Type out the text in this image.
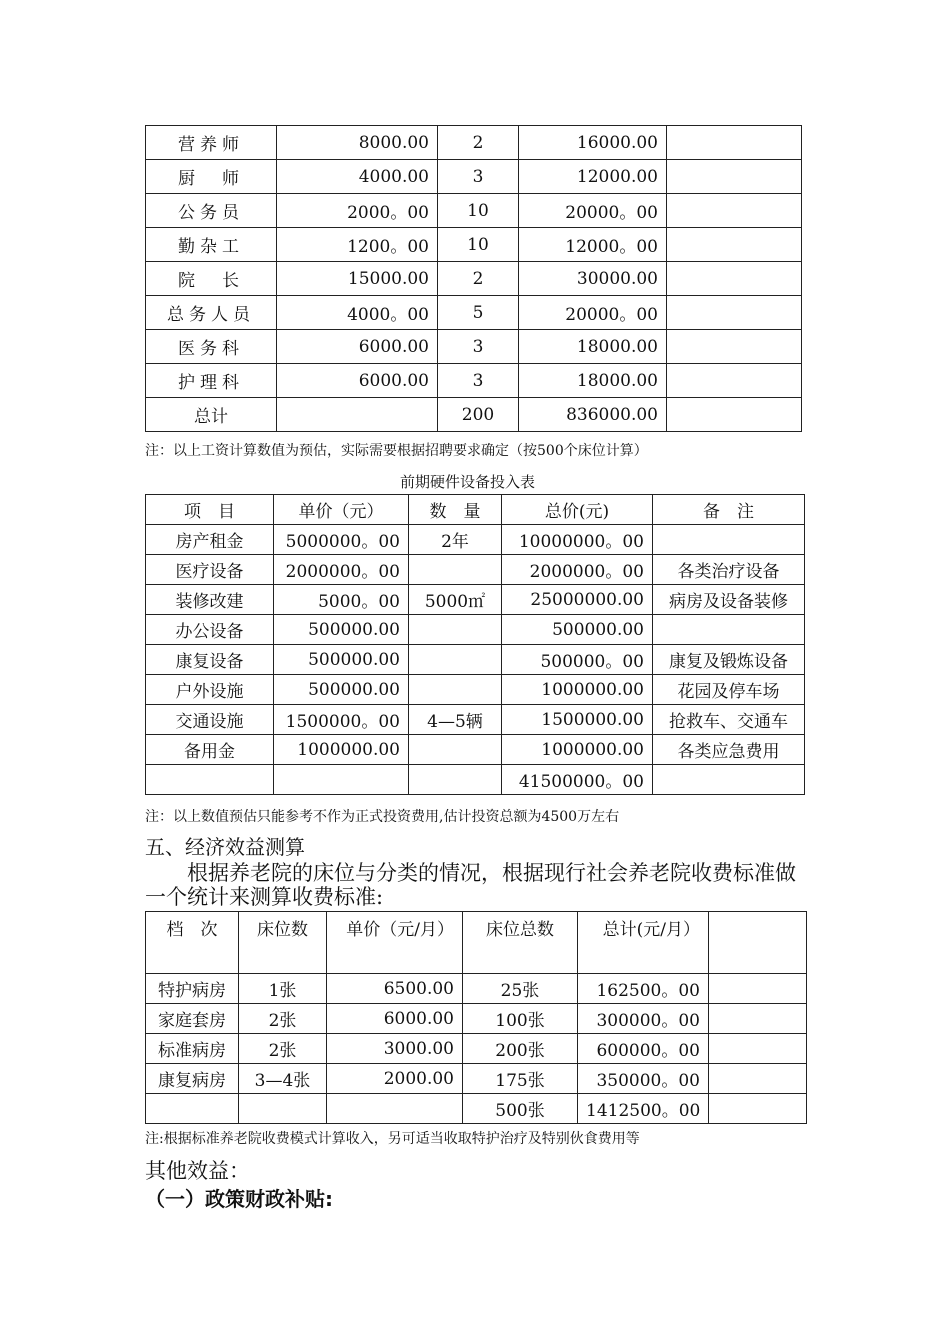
营养师	8000.00	2	16000.00	
厨　师	4000.00	3	12000.00	
公务员	2000。00	10	20000。00	
勤杂工	1200。00	10	12000。00	
院　长	15000.00	2	30000.00	
总务人员	4000。00	5	20000。00	
医务科	6000.00	3	18000.00	
护理科	6000.00	3	18000.00	
总计		200	836000.00	
注：以上工资计算数值为预估，实际需要根据招聘要求确定（按500个床位计算）
前期硬件设备投入表
项　目	单价（元）	数　量	总价(元)	备　注
房产租金	5000000。00	2年	10000000。00	
医疗设备	2000000。00		2000000。00	各类治疗设备
装修改建	5000。00	5000㎡	25000000.00	病房及设备装修
办公设备	500000.00		500000.00	
康复设备	500000.00		500000。00	康复及锻炼设备
户外设施	500000.00		1000000.00	花园及停车场
交通设施	1500000。00	4—5辆	1500000.00	抢救车、交通车
备用金	1000000.00		1000000.00	各类应急费用
			41500000。00	
注：以上数值预估只能参考不作为正式投资费用,估计投资总额为4500万左右
五、经济效益测算
根据养老院的床位与分类的情况，根据现行社会养老院收费标准做一个统计来测算收费标准:
档　次	床位数	单价（元/月）	床位总数	总计(元/月）	
特护病房	1张	6500.00	25张	162500。00	
家庭套房	2张	6000.00	100张	300000。00	
标准病房	2张	3000.00	200张	600000。00	
康复病房	3—4张	2000.00	175张	350000。00	
			500张	1412500。00	
注:根据标准养老院收费模式计算收入，另可适当收取特护治疗及特别伙食费用等
其他效益：
（一）政策财政补贴:
